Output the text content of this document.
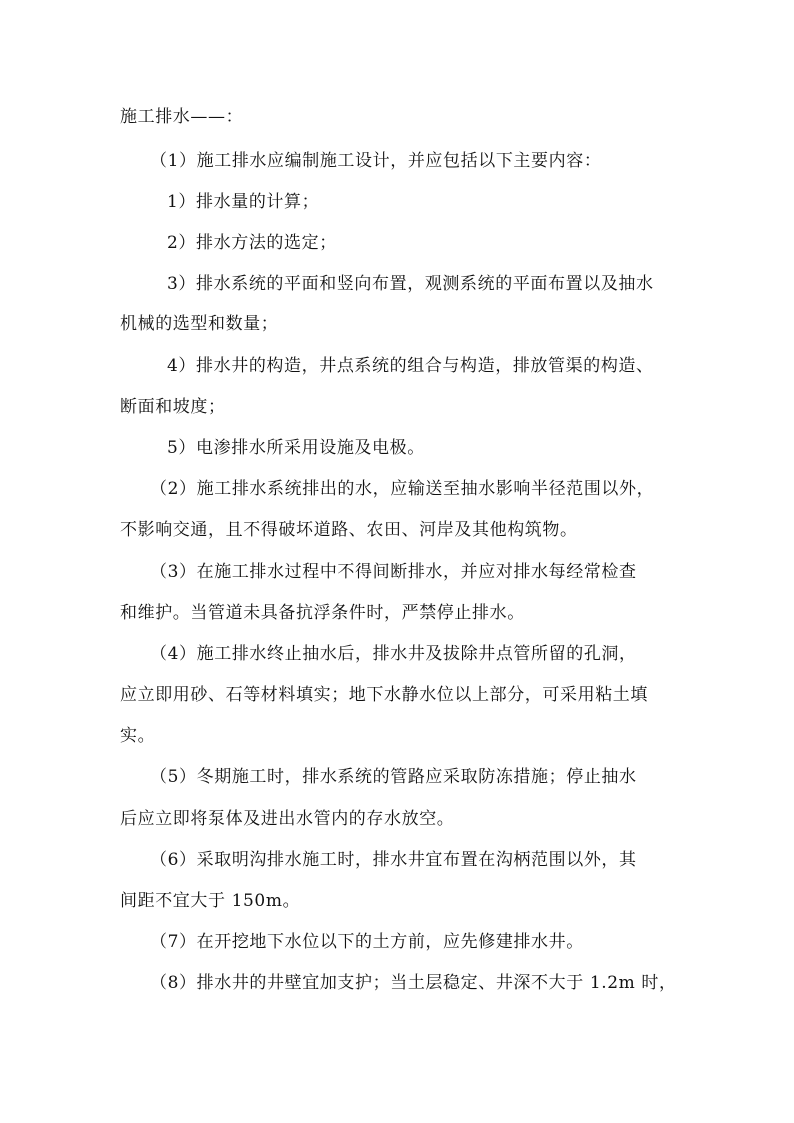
施工排水——：
（1）施工排水应编制施工设计，并应包括以下主要内容：
1）排水量的计算；
2）排水方法的选定；
3）排水系统的平面和竖向布置，观测系统的平面布置以及抽水
机械的选型和数量；
4）排水井的构造，井点系统的组合与构造，排放管渠的构造、
断面和坡度；
5）电渗排水所采用设施及电极。
（2）施工排水系统排出的水，应输送至抽水影响半径范围以外，
不影响交通，且不得破坏道路、农田、河岸及其他构筑物。
（3）在施工排水过程中不得间断排水，并应对排水每经常检查
和维护。当管道未具备抗浮条件时，严禁停止排水。
（4）施工排水终止抽水后，排水井及拔除井点管所留的孔洞，
应立即用砂、石等材料填实；地下水静水位以上部分，可采用粘土填
实。
（5）冬期施工时，排水系统的管路应采取防冻措施；停止抽水
后应立即将泵体及进出水管内的存水放空。
（6）采取明沟排水施工时，排水井宜布置在沟柄范围以外，其
间距不宜大于 150m。
（7）在开挖地下水位以下的土方前，应先修建排水井。
（8）排水井的井壁宜加支护；当土层稳定、井深不大于 1.2m 时，
